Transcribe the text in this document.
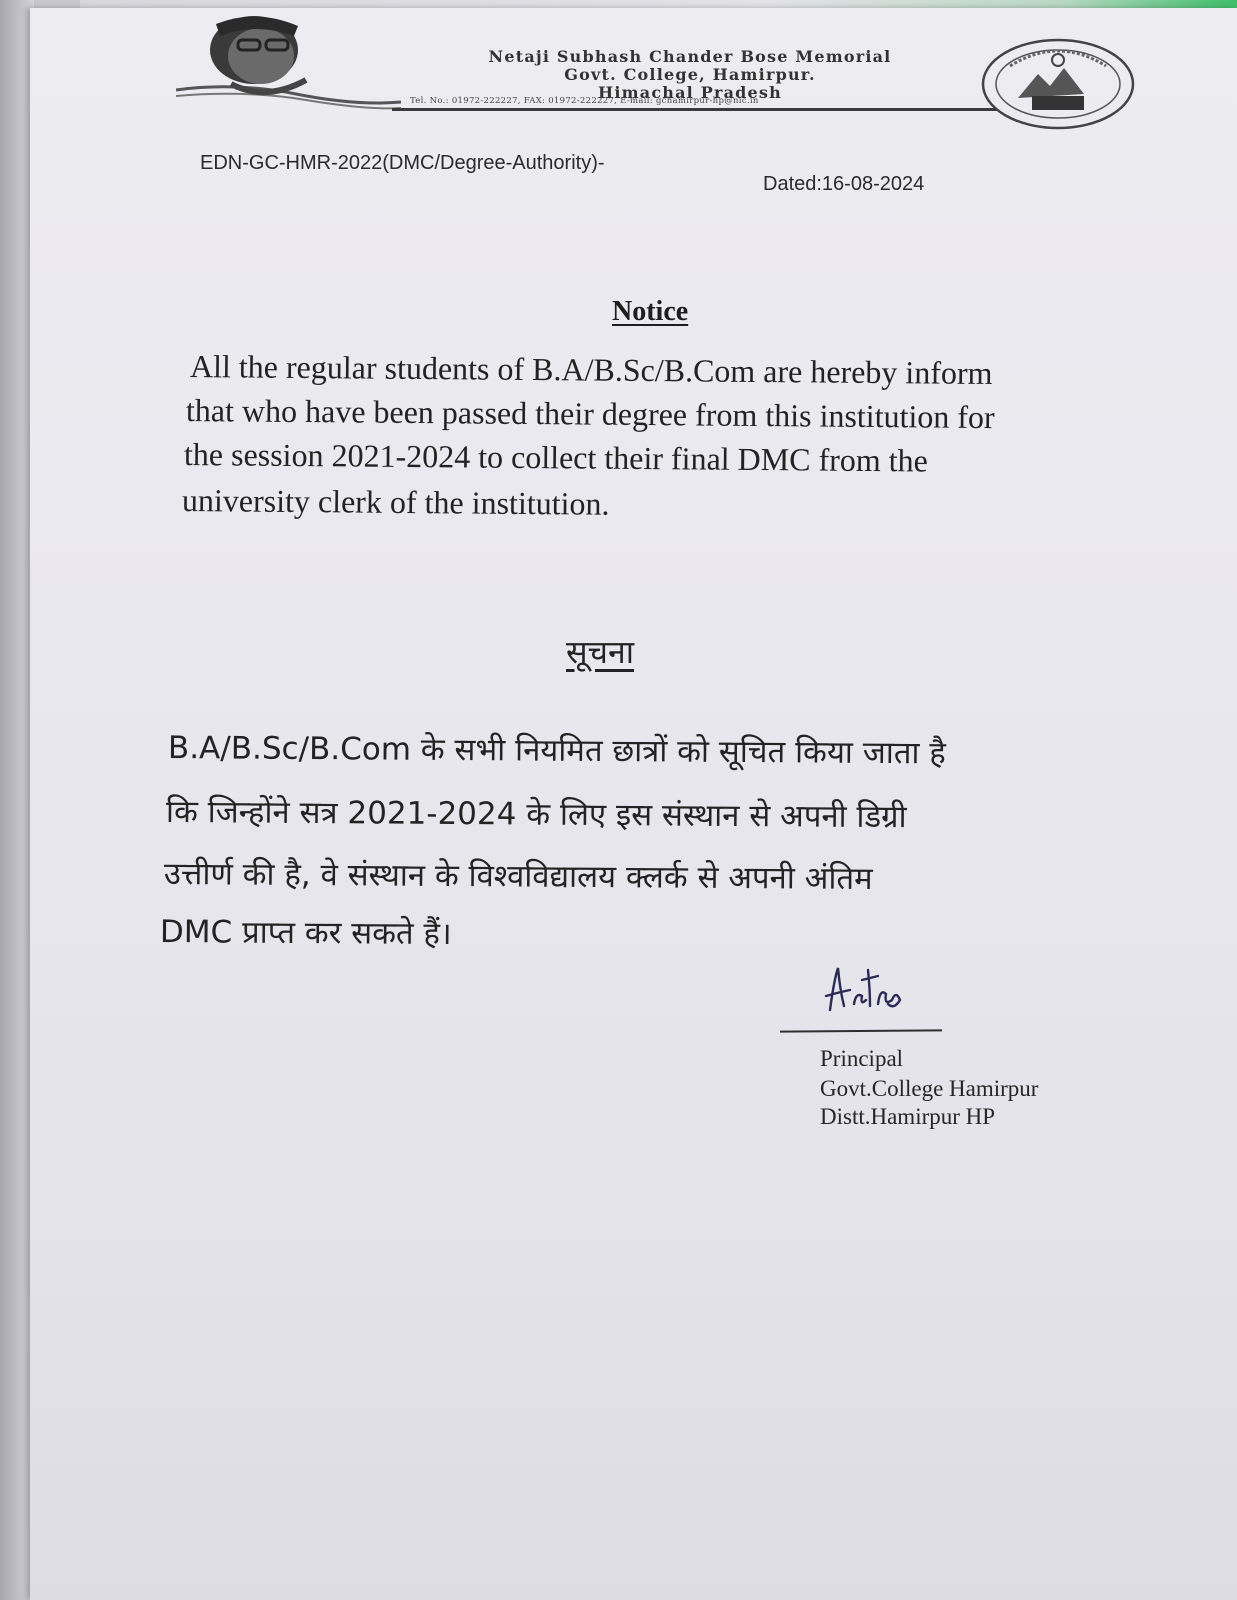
Netaji Subhash Chander Bose Memorial
Govt. College, Hamirpur.
Himachal Pradesh
Tel. No.: 01972-222227, FAX: 01972-222227, E-mail: gchamirpur-hp@nic.in
EDN-GC-HMR-2022(DMC/Degree-Authority)-
Dated:16-08-2024
Notice
All the regular students of B.A/B.Sc/B.Com are hereby inform
that who have been passed their degree from this institution for
the session 2021-2024 to collect their final DMC from the
university clerk of the institution.
सूचना
B.A/B.Sc/B.Com के सभी नियमित छात्रों को सूचित किया जाता है
कि जिन्होंने सत्र 2021-2024 के लिए इस संस्थान से अपनी डिग्री
उत्तीर्ण की है, वे संस्थान के विश्वविद्यालय क्लर्क से अपनी अंतिम
DMC प्राप्त कर सकते हैं।
Principal
Govt.College Hamirpur
Distt.Hamirpur HP
